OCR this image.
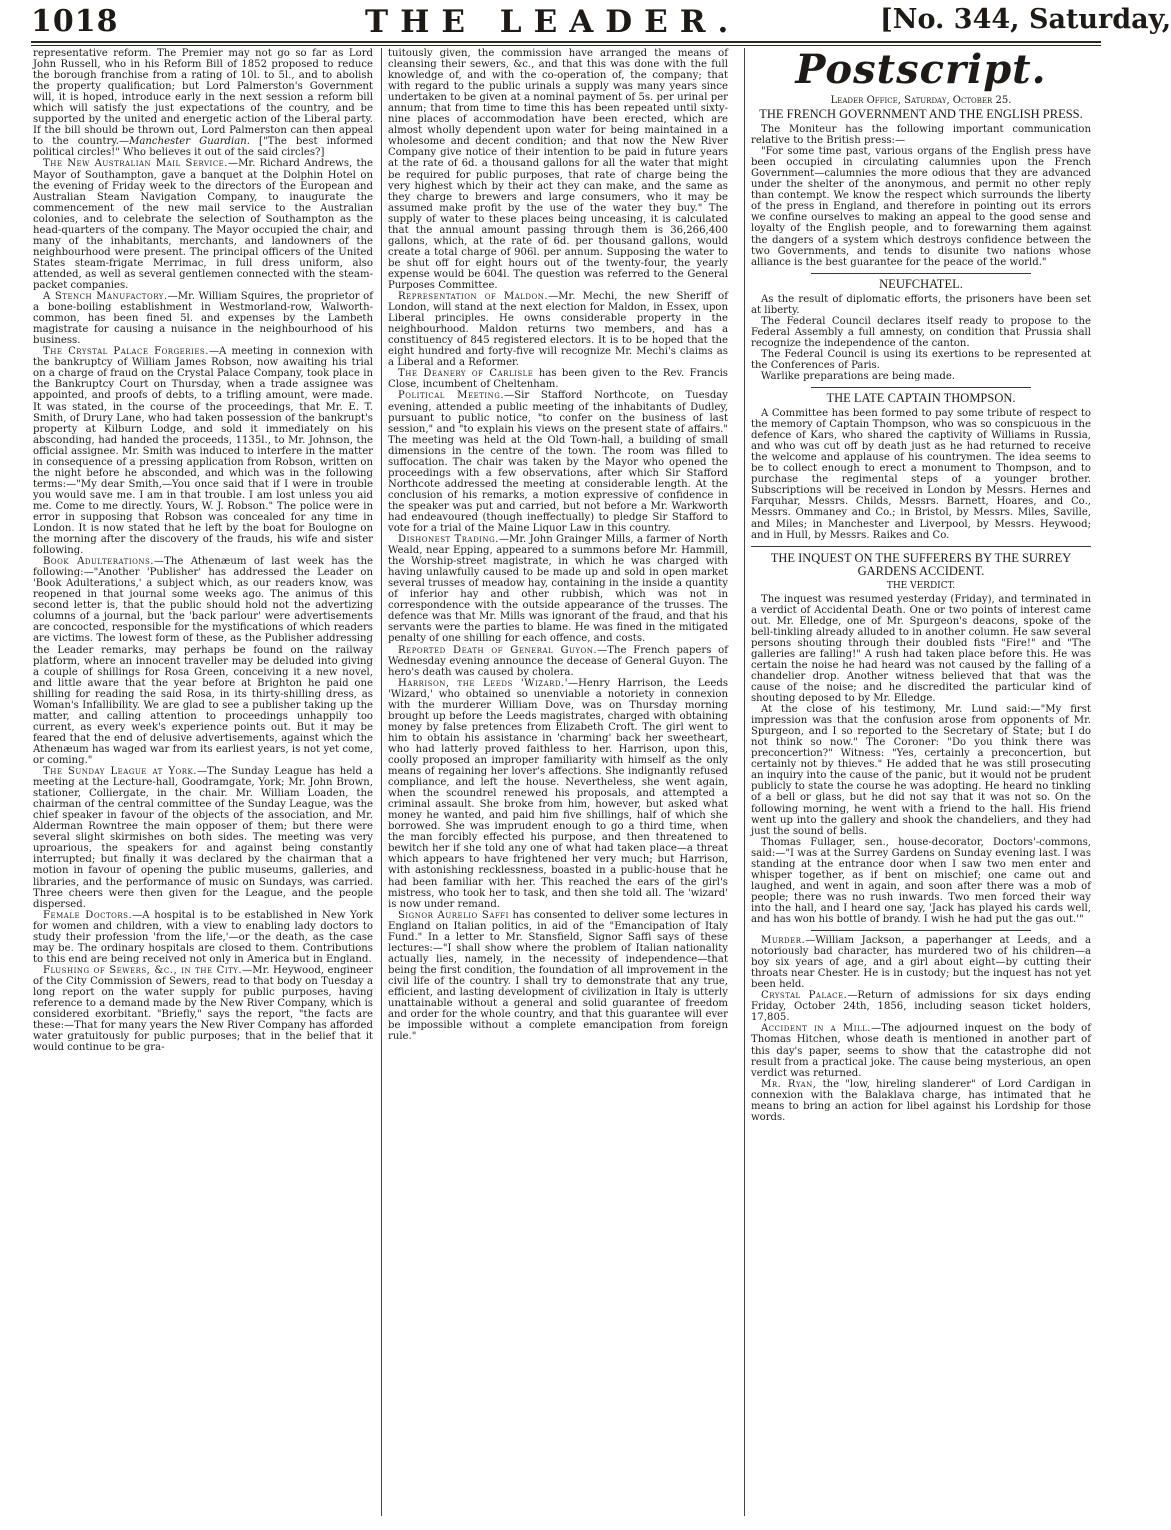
1018	THE LEADER.	[No. 344, Saturday,

representative reform. The Premier may not go so far as Lord John Russell, who in his Reform Bill of 1852 proposed to reduce the borough franchise from a rating of 10l. to 5l., and to abolish the property qualification; but Lord Palmerston's Government will, it is hoped, introduce early in the next session a reform bill which will satisfy the just expectations of the country, and be supported by the united and energetic action of the Liberal party. If the bill should be thrown out, Lord Palmerston can then appeal to the country.—Manchester Guardian. ["The best informed political circles!" Who believes it out of the said circles?]

The New Australian Mail Service.—Mr. Richard Andrews, the Mayor of Southampton, gave a banquet at the Dolphin Hotel on the evening of Friday week to the directors of the European and Australian Steam Navigation Company, to inaugurate the commencement of the new mail service to the Australian colonies, and to celebrate the selection of Southampton as the head-quarters of the company. The Mayor occupied the chair, and many of the inhabitants, merchants, and landowners of the neighbourhood were present. The principal officers of the United States steam-frigate Merrimac, in full dress uniform, also attended, as well as several gentlemen connected with the steam-packet companies.

A Stench Manufactory.—Mr. William Squires, the proprietor of a bone-boiling establishment in Westmorland-row, Walworth-common, has been fined 5l. and expenses by the Lambeth magistrate for causing a nuisance in the neighbourhood of his business.

The Crystal Palace Forgeries.—A meeting in connexion with the bankruptcy of William James Robson, now awaiting his trial on a charge of fraud on the Crystal Palace Company, took place in the Bankruptcy Court on Thursday, when a trade assignee was appointed, and proofs of debts, to a trifling amount, were made. It was stated, in the course of the proceedings, that Mr. E. T. Smith, of Drury Lane, who had taken possession of the bankrupt's property at Kilburn Lodge, and sold it immediately on his absconding, had handed the proceeds, 1135l., to Mr. Johnson, the official assignee. Mr. Smith was induced to interfere in the matter in consequence of a pressing application from Robson, written on the night before he absconded, and which was in the following terms:—"My dear Smith,—You once said that if I were in trouble you would save me. I am in that trouble. I am lost unless you aid me. Come to me directly. Yours, W. J. Robson." The police were in error in supposing that Robson was concealed for any time in London. It is now stated that he left by the boat for Boulogne on the morning after the discovery of the frauds, his wife and sister following.

Book Adulterations.—The Athenæum of last week has the following:—"Another 'Publisher' has addressed the Leader on 'Book Adulterations,' a subject which, as our readers know, was reopened in that journal some weeks ago. The animus of this second letter is, that the public should hold not the advertizing columns of a journal, but the 'back parlour' were advertisements are concocted, responsible for the mystifications of which readers are victims. The lowest form of these, as the Publisher addressing the Leader remarks, may perhaps be found on the railway platform, where an innocent traveller may be deluded into giving a couple of shillings for Rosa Green, conceiving it a new novel, and little aware that the year before at Brighton he paid one shilling for reading the said Rosa, in its thirty-shilling dress, as Woman's Infallibility. We are glad to see a publisher taking up the matter, and calling attention to proceedings unhappily too current, as every week's experience points out. But it may be feared that the end of delusive advertisements, against which the Athenæum has waged war from its earliest years, is not yet come, or coming."

The Sunday League at York.—The Sunday League has held a meeting at the Lecture-hall, Goodramgate, York; Mr. John Brown, stationer, Colliergate, in the chair. Mr. William Loaden, the chairman of the central committee of the Sunday League, was the chief speaker in favour of the objects of the association, and Mr. Alderman Rowntree the main opposer of them; but there were several slight skirmishes on both sides. The meeting was very uproarious, the speakers for and against being constantly interrupted; but finally it was declared by the chairman that a motion in favour of opening the public museums, galleries, and libraries, and the performance of music on Sundays, was carried. Three cheers were then given for the League, and the people dispersed.

Female Doctors.—A hospital is to be established in New York for women and children, with a view to enabling lady doctors to study their profession 'from the life,'—or the death, as the case may be. The ordinary hospitals are closed to them. Contributions to this end are being received not only in America but in England.

Flushing of Sewers, &c., in the City.—Mr. Heywood, engineer of the City Commission of Sewers, read to that body on Tuesday a long report on the water supply for public purposes, having reference to a demand made by the New River Company, which is considered exorbitant. "Briefly," says the report, "the facts are these:—That for many years the New River Company has afforded water gratuitously for public purposes; that in the belief that it would continue to be gra-

tuitously given, the commission have arranged the means of cleansing their sewers, &c., and that this was done with the full knowledge of, and with the co-operation of, the company; that with regard to the public urinals a supply was many years since undertaken to be given at a nominal payment of 5s. per urinal per annum; that from time to time this has been repeated until sixty-nine places of accommodation have been erected, which are almost wholly dependent upon water for being maintained in a wholesome and decent condition; and that now the New River Company give notice of their intention to be paid in future years at the rate of 6d. a thousand gallons for all the water that might be required for public purposes, that rate of charge being the very highest which by their act they can make, and the same as they charge to brewers and large consumers, who it may be assumed make profit by the use of the water they buy." The supply of water to these places being unceasing, it is calculated that the annual amount passing through them is 36,266,400 gallons, which, at the rate of 6d. per thousand gallons, would create a total charge of 906l. per annum. Supposing the water to be shut off for eight hours out of the twenty-four, the yearly expense would be 604l. The question was referred to the General Purposes Committee.

Representation of Maldon.—Mr. Mechi, the new Sheriff of London, will stand at the next election for Maldon, in Essex, upon Liberal principles. He owns considerable property in the neighbourhood. Maldon returns two members, and has a constituency of 845 registered electors. It is to be hoped that the eight hundred and forty-five will recognize Mr. Mechi's claims as a Liberal and a Reformer.

The Deanery of Carlisle has been given to the Rev. Francis Close, incumbent of Cheltenham.

Political Meeting.—Sir Stafford Northcote, on Tuesday evening, attended a public meeting of the inhabitants of Dudley, pursuant to public notice, "to confer on the business of last session," and "to explain his views on the present state of affairs." The meeting was held at the Old Town-hall, a building of small dimensions in the centre of the town. The room was filled to suffocation. The chair was taken by the Mayor who opened the proceedings with a few observations, after which Sir Stafford Northcote addressed the meeting at considerable length. At the conclusion of his remarks, a motion expressive of confidence in the speaker was put and carried, but not before a Mr. Warkworth had endeavoured (though ineffectually) to pledge Sir Stafford to vote for a trial of the Maine Liquor Law in this country.

Dishonest Trading.—Mr. John Grainger Mills, a farmer of North Weald, near Epping, appeared to a summons before Mr. Hammill, the Worship-street magistrate, in which he was charged with having unlawfully caused to be made up and sold in open market several trusses of meadow hay, containing in the inside a quantity of inferior hay and other rubbish, which was not in correspondence with the outside appearance of the trusses. The defence was that Mr. Mills was ignorant of the fraud, and that his servants were the parties to blame. He was fined in the mitigated penalty of one shilling for each offence, and costs.

Reported Death of General Guyon.—The French papers of Wednesday evening announce the decease of General Guyon. The hero's death was caused by cholera.

Harrison, the Leeds 'Wizard.'—Henry Harrison, the Leeds 'Wizard,' who obtained so unenviable a notoriety in connexion with the murderer William Dove, was on Thursday morning brought up before the Leeds magistrates, charged with obtaining money by false pretences from Elizabeth Croft. The girl went to him to obtain his assistance in 'charming' back her sweetheart, who had latterly proved faithless to her. Harrison, upon this, coolly proposed an improper familiarity with himself as the only means of regaining her lover's affections. She indignantly refused compliance, and left the house. Nevertheless, she went again, when the scoundrel renewed his proposals, and attempted a criminal assault. She broke from him, however, but asked what money he wanted, and paid him five shillings, half of which she borrowed. She was imprudent enough to go a third time, when the man forcibly effected his purpose, and then threatened to bewitch her if she told any one of what had taken place—a threat which appears to have frightened her very much; but Harrison, with astonishing recklessness, boasted in a public-house that he had been familiar with her. This reached the ears of the girl's mistress, who took her to task, and then she told all. The 'wizard' is now under remand.

Signor Aurelio Saffi has consented to deliver some lectures in England on Italian politics, in aid of the "Emancipation of Italy Fund." In a letter to Mr. Stansfield, Signor Saffi says of these lectures:—"I shall show where the problem of Italian nationality actually lies, namely, in the necessity of independence—that being the first condition, the foundation of all improvement in the civil life of the country. I shall try to demonstrate that any true, efficient, and lasting development of civilization in Italy is utterly unattainable without a general and solid guarantee of freedom and order for the whole country, and that this guarantee will ever be impossible without a complete emancipation from foreign rule."

Postscript.
Leader Office, Saturday, October 25.
THE FRENCH GOVERNMENT AND THE ENGLISH PRESS.

The Moniteur has the following important communication relative to the British press:—

"For some time past, various organs of the English press have been occupied in circulating calumnies upon the French Government—calumnies the more odious that they are advanced under the shelter of the anonymous, and permit no other reply than contempt. We know the respect which surrounds the liberty of the press in England, and therefore in pointing out its errors we confine ourselves to making an appeal to the good sense and loyalty of the English people, and to forewarning them against the dangers of a system which destroys confidence between the two Governments, and tends to disunite two nations whose alliance is the best guarantee for the peace of the world."

NEUFCHATEL.

As the result of diplomatic efforts, the prisoners have been set at liberty.

The Federal Council declares itself ready to propose to the Federal Assembly a full amnesty, on condition that Prussia shall recognize the independence of the canton.

The Federal Council is using its exertions to be represented at the Conferences of Paris.

Warlike preparations are being made.

THE LATE CAPTAIN THOMPSON.

A Committee has been formed to pay some tribute of respect to the memory of Captain Thompson, who was so conspicuous in the defence of Kars, who shared the captivity of Williams in Russia, and who was cut off by death just as he had returned to receive the welcome and applause of his countrymen. The idea seems to be to collect enough to erect a monument to Thompson, and to purchase the regimental steps of a younger brother. Subscriptions will be received in London by Messrs. Hernes and Farquhar, Messrs. Childs, Messrs. Barnett, Hoares, and Co., Messrs. Ommaney and Co.; in Bristol, by Messrs. Miles, Saville, and Miles; in Manchester and Liverpool, by Messrs. Heywood; and in Hull, by Messrs. Raikes and Co.

THE INQUEST ON THE SUFFERERS BY THE SURREY GARDENS ACCIDENT.
THE VERDICT.

The inquest was resumed yesterday (Friday), and terminated in a verdict of Accidental Death. One or two points of interest came out. Mr. Elledge, one of Mr. Spurgeon's deacons, spoke of the bell-tinkling already alluded to in another column. He saw several persons shouting through their doubled fists "Fire!" and "The galleries are falling!" A rush had taken place before this. He was certain the noise he had heard was not caused by the falling of a chandelier drop. Another witness believed that that was the cause of the noise; and he discredited the particular kind of shouting deposed to by Mr. Elledge.

At the close of his testimony, Mr. Lund said:—"My first impression was that the confusion arose from opponents of Mr. Spurgeon, and I so reported to the Secretary of State; but I do not think so now." The Coroner: "Do you think there was preconcertion?" Witness: "Yes, certainly a preconcertion, but certainly not by thieves." He added that he was still prosecuting an inquiry into the cause of the panic, but it would not be prudent publicly to state the course he was adopting. He heard no tinkling of a bell or glass, but he did not say that it was not so. On the following morning, he went with a friend to the hall. His friend went up into the gallery and shook the chandeliers, and they had just the sound of bells.

Thomas Fullager, sen., house-decorator, Doctors'-commons, said:—"I was at the Surrey Gardens on Sunday evening last. I was standing at the entrance door when I saw two men enter and whisper together, as if bent on mischief; one came out and laughed, and went in again, and soon after there was a mob of people; there was no rush inwards. Two men forced their way into the hall, and I heard one say, 'Jack has played his cards well, and has won his bottle of brandy. I wish he had put the gas out.'"

Murder.—William Jackson, a paperhanger at Leeds, and a notoriously bad character, has murdered two of his children—a boy six years of age, and a girl about eight—by cutting their throats near Chester. He is in custody; but the inquest has not yet been held.

Crystal Palace.—Return of admissions for six days ending Friday, October 24th, 1856, including season ticket holders, 17,805.

Accident in a Mill.—The adjourned inquest on the body of Thomas Hitchen, whose death is mentioned in another part of this day's paper, seems to show that the catastrophe did not result from a practical joke. The cause being mysterious, an open verdict was returned.

Mr. Ryan, the "low, hireling slanderer" of Lord Cardigan in connexion with the Balaklava charge, has intimated that he means to bring an action for libel against his Lordship for those words.
